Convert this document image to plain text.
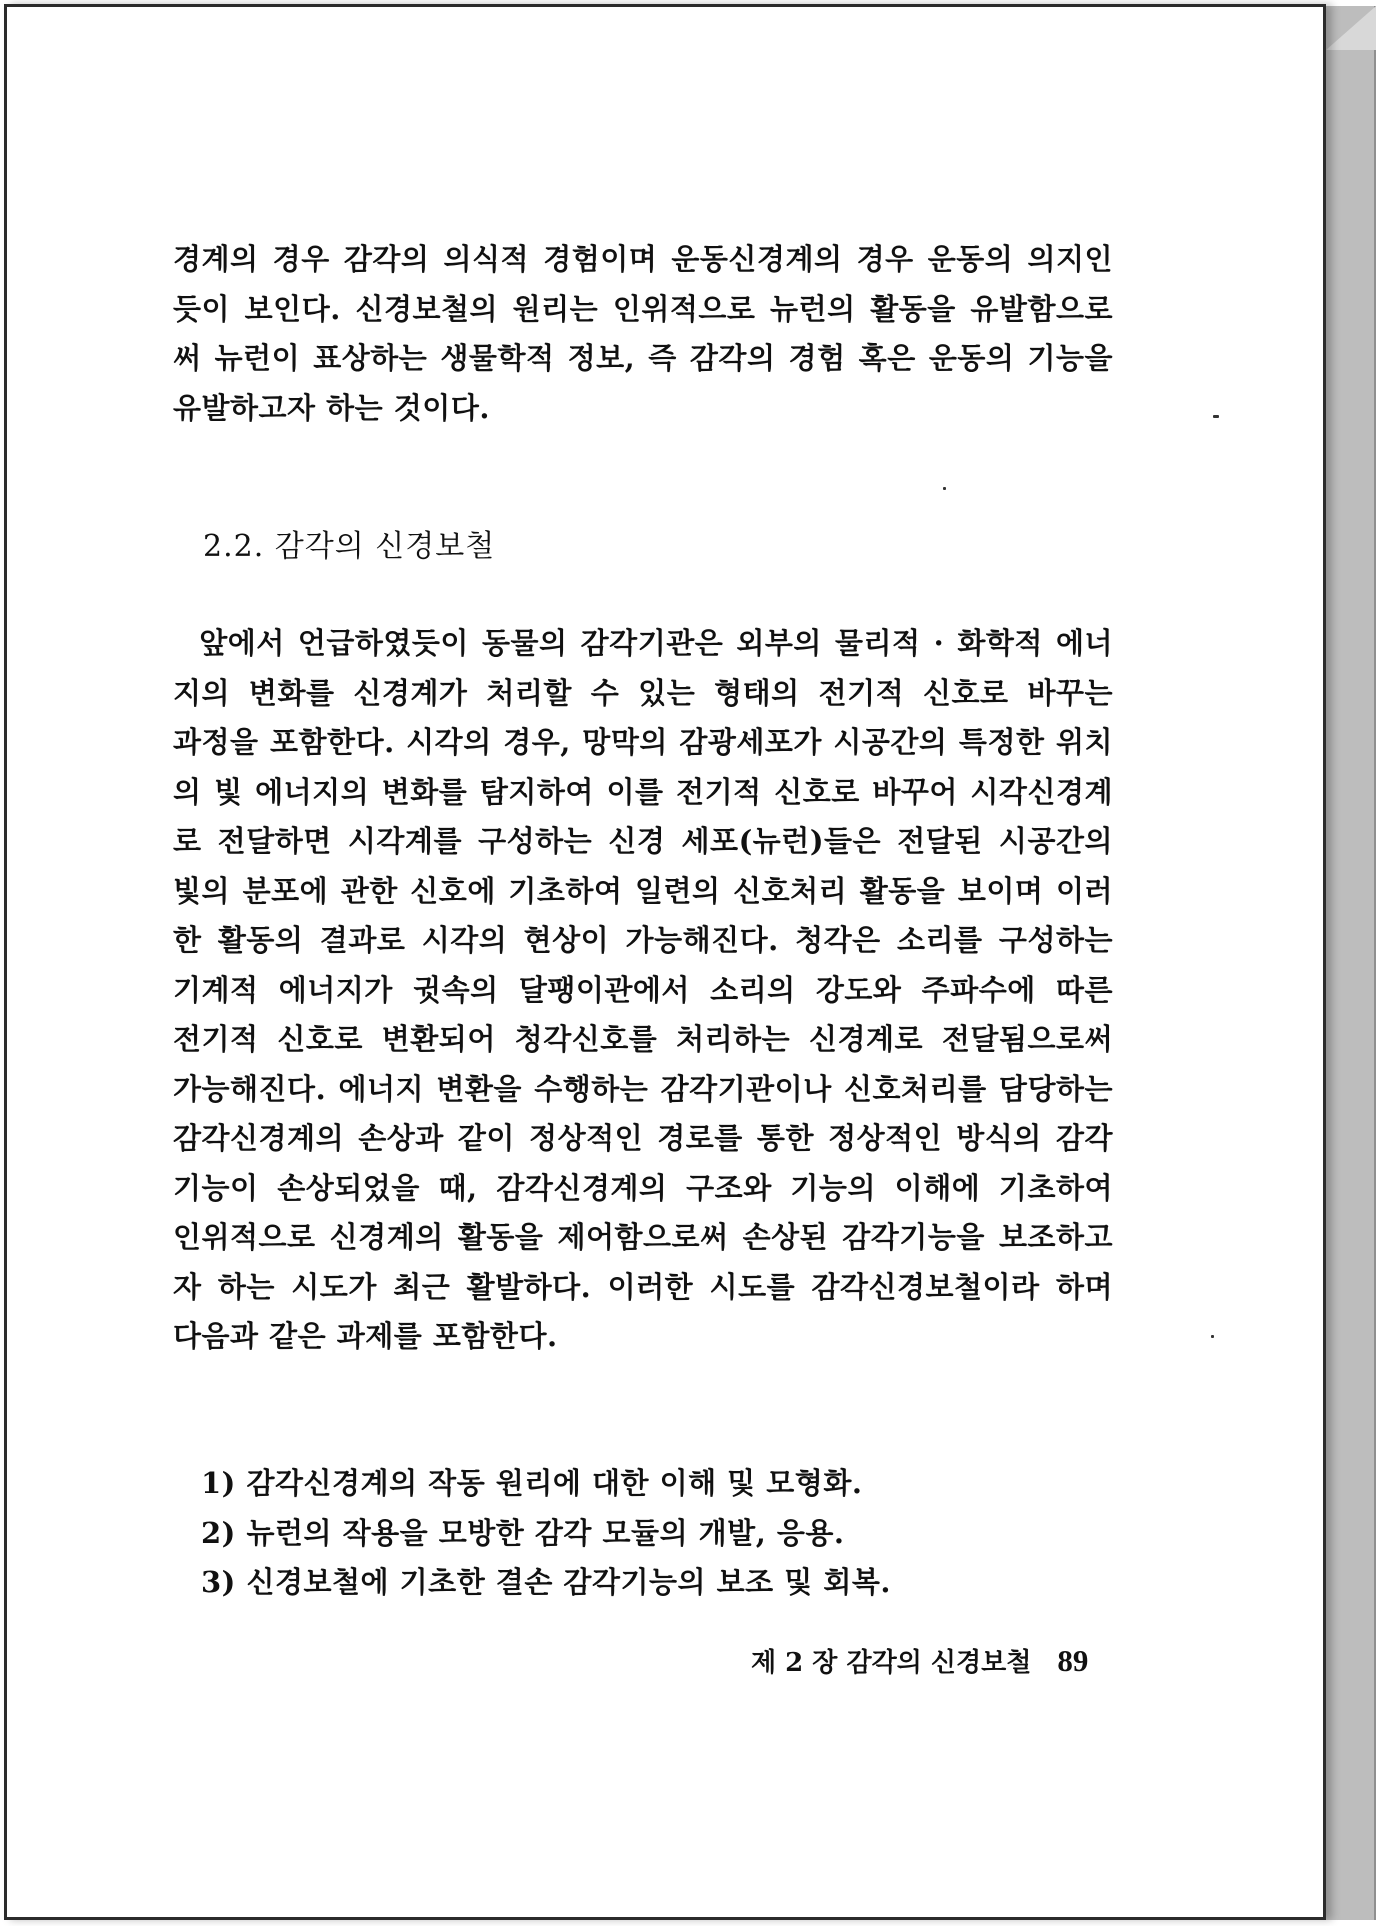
경계의 경우 감각의 의식적 경험이며 운동신경계의 경우 운동의 의지인
듯이 보인다. 신경보철의 원리는 인위적으로 뉴런의 활동을 유발함으로
써 뉴런이 표상하는 생물학적 정보, 즉 감각의 경험 혹은 운동의 기능을
유발하고자 하는 것이다.
2.2. 감각의 신경보철
앞에서 언급하였듯이 동물의 감각기관은 외부의 물리적 · 화학적 에너
지의 변화를 신경계가 처리할 수 있는 형태의 전기적 신호로 바꾸는
과정을 포함한다. 시각의 경우, 망막의 감광세포가 시공간의 특정한 위치
의 빛 에너지의 변화를 탐지하여 이를 전기적 신호로 바꾸어 시각신경계
로 전달하면 시각계를 구성하는 신경 세포(뉴런)들은 전달된 시공간의
빛의 분포에 관한 신호에 기초하여 일련의 신호처리 활동을 보이며 이러
한 활동의 결과로 시각의 현상이 가능해진다. 청각은 소리를 구성하는
기계적 에너지가 귓속의 달팽이관에서 소리의 강도와 주파수에 따른
전기적 신호로 변환되어 청각신호를 처리하는 신경계로 전달됨으로써
가능해진다. 에너지 변환을 수행하는 감각기관이나 신호처리를 담당하는
감각신경계의 손상과 같이 정상적인 경로를 통한 정상적인 방식의 감각
기능이 손상되었을 때, 감각신경계의 구조와 기능의 이해에 기초하여
인위적으로 신경계의 활동을 제어함으로써 손상된 감각기능을 보조하고
자 하는 시도가 최근 활발하다. 이러한 시도를 감각신경보철이라 하며
다음과 같은 과제를 포함한다.
1) 감각신경계의 작동 원리에 대한 이해 및 모형화.
2) 뉴런의 작용을 모방한 감각 모듈의 개발, 응용.
3) 신경보철에 기초한 결손 감각기능의 보조 및 회복.
제 2 장 감각의 신경보철 89
